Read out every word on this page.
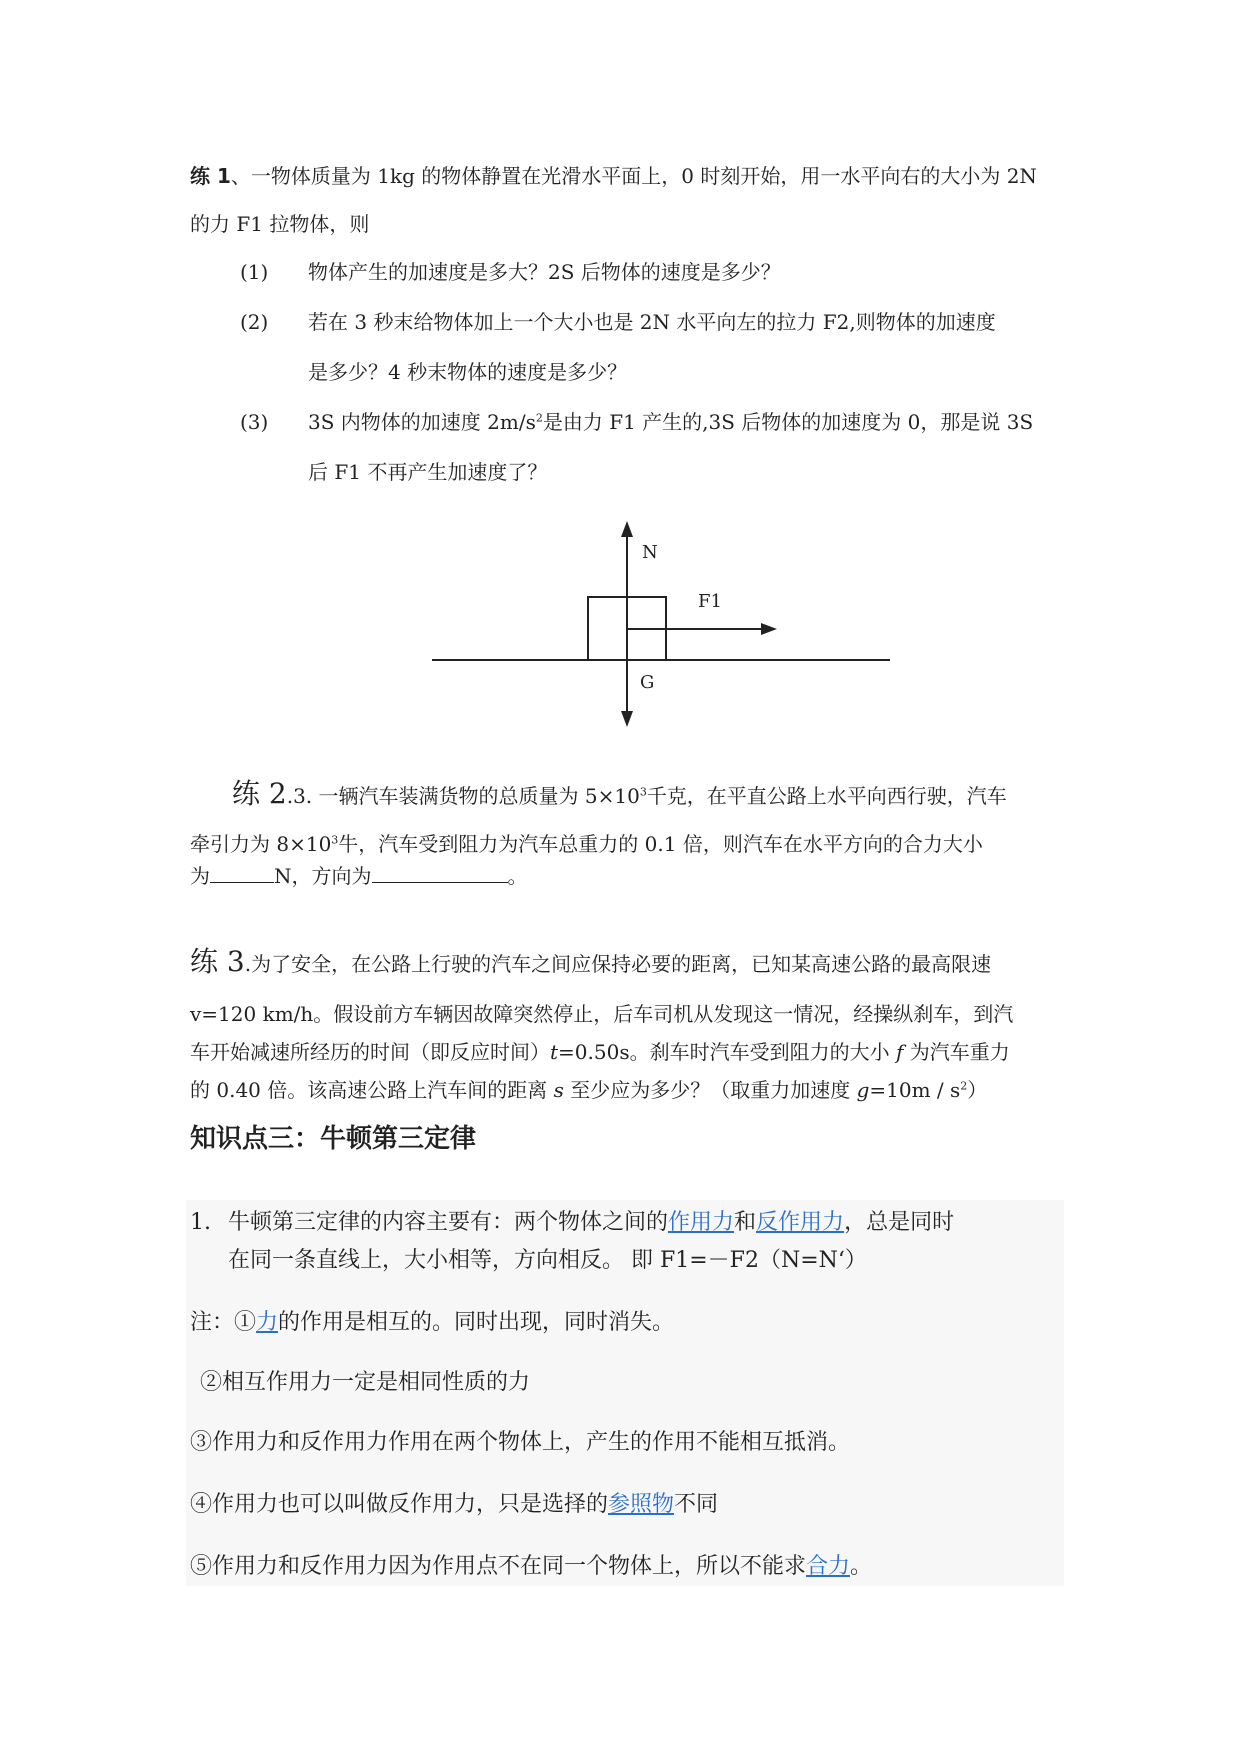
练 1、一物体质量为 1kg 的物体静置在光滑水平面上，0 时刻开始，用一水平向右的大小为 2N
的力 F1 拉物体，则
(1) 物体产生的加速度是多大？2S 后物体的速度是多少？
(2) 若在 3 秒末给物体加上一个大小也是 2N 水平向左的拉力 F2,则物体的加速度
是多少？4 秒末物体的速度是多少？
(3) 3S 内物体的加速度 $2m/s^2$是由力 F1 产生的,3S 后物体的加速度为 0，那是说 3S
后 F1 不再产生加速度了？
N
F1
G
练 2.3. 一辆汽车装满货物的总质量为 $5\times 10^3$千克，在平直公路上水平向西行驶，汽车
牵引力为 $8\times 10^3$牛，汽车受到阻力为汽车总重力的 0.1 倍，则汽车在水平方向的合力大小
为	N，方向为	。
练 3.为了安全，在公路上行驶的汽车之间应保持必要的距离，已知某高速公路的最高限速
v=120 km/h。假设前方车辆因故障突然停止，后车司机从发现这一情况，经操纵刹车，到汽
车开始减速所经历的时间（即反应时间）t=0.50s。刹车时汽车受到阻力的大小 f 为汽车重力
的 0.40 倍。该高速公路上汽车间的距离 s 至少应为多少？（取重力加速度 $g=10m / s^2$）
知识点三：牛顿第三定律
1. 牛顿第三定律的内容主要有：两个物体之间的作用力和反作用力，总是同时
在同一条直线上，大小相等，方向相反。 即 F1=－F2（N=N‘）
注：①力的作用是相互的。同时出现，同时消失。
②相互作用力一定是相同性质的力
③作用力和反作用力作用在两个物体上，产生的作用不能相互抵消。
④作用力也可以叫做反作用力，只是选择的参照物不同
⑤作用力和反作用力因为作用点不在同一个物体上，所以不能求合力。
